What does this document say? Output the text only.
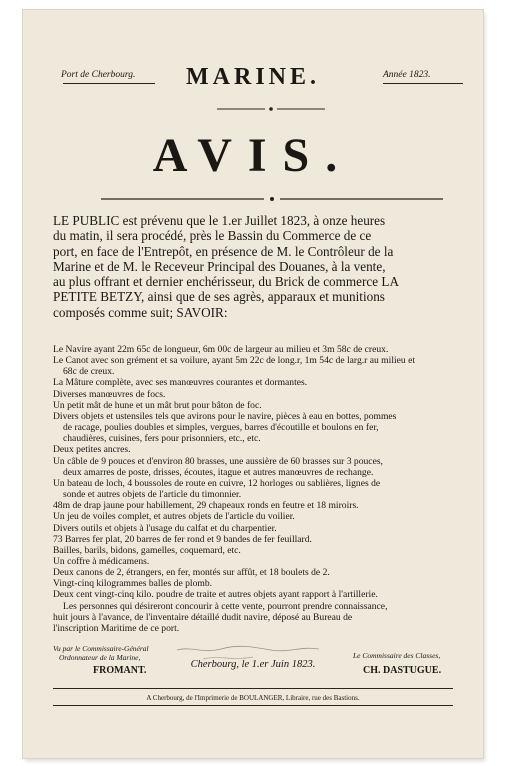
Port de Cherbourg.	MARINE.	Année 1823.
AVIS.
LE PUBLIC est prévenu que le 1.er Juillet 1823, à onze heures
du matin, il sera procédé, près le Bassin du Commerce de ce
port, en face de l'Entrepôt, en présence de M. le Contrôleur de la
Marine et de M. le Receveur Principal des Douanes, à la vente,
au plus offrant et dernier enchérisseur, du Brick de commerce LA
PETITE BETZY, ainsi que de ses agrès, apparaux et munitions
composés comme suit; SAVOIR:
Le Navire ayant 22m 65c de longueur, 6m 00c de largeur au milieu et 3m 58c de creux.
Le Canot avec son grément et sa voilure, ayant 5m 22c de long.r, 1m 54c de larg.r au milieu et
68c de creux.
La Mâture complète, avec ses manœuvres courantes et dormantes.
Diverses manœuvres de focs.
Un petit mât de hune et un mât brut pour bâton de foc.
Divers objets et ustensiles tels que avirons pour le navire, pièces à eau en bottes, pommes
de racage, poulies doubles et simples, vergues, barres d'écoutille et boulons en fer,
chaudières, cuisines, fers pour prisonniers, etc., etc.
Deux petites ancres.
Un câble de 9 pouces et d'environ 80 brasses, une aussière de 60 brasses sur 3 pouces,
deux amarres de poste, drisses, écoutes, itague et autres manœuvres de rechange.
Un bateau de loch, 4 boussoles de route en cuivre, 12 horloges ou sablières, lignes de
sonde et autres objets de l'article du timonnier.
48m de drap jaune pour habillement, 29 chapeaux ronds en feutre et 18 miroirs.
Un jeu de voiles complet, et autres objets de l'article du voilier.
Divers outils et objets à l'usage du calfat et du charpentier.
73 Barres fer plat, 20 barres de fer rond et 9 bandes de fer feuillard.
Bailles, barils, bidons, gamelles, coquemard, etc.
Un coffre à médicamens.
Deux canons de 2, étrangers, en fer, montés sur affût, et 18 boulets de 2.
Vingt-cinq kilogrammes balles de plomb.
Deux cent vingt-cinq kilo. poudre de traite et autres objets ayant rapport à l'artillerie.
Les personnes qui désireront concourir à cette vente, pourront prendre connaissance,
huit jours à l'avance, de l'inventaire détaillé dudit navire, déposé au Bureau de
l'inscription Maritime de ce port.
Cherbourg, le 1.er Juin 1823.
Vu par le Commissaire-Général
Ordonnateur de la Marine,
FROMANT.
Le Commissaire des Classes,
CH. DASTUGUE.
A Cherbourg, de l'Imprimerie de BOULANGER, Libraire, rue des Bastions.
